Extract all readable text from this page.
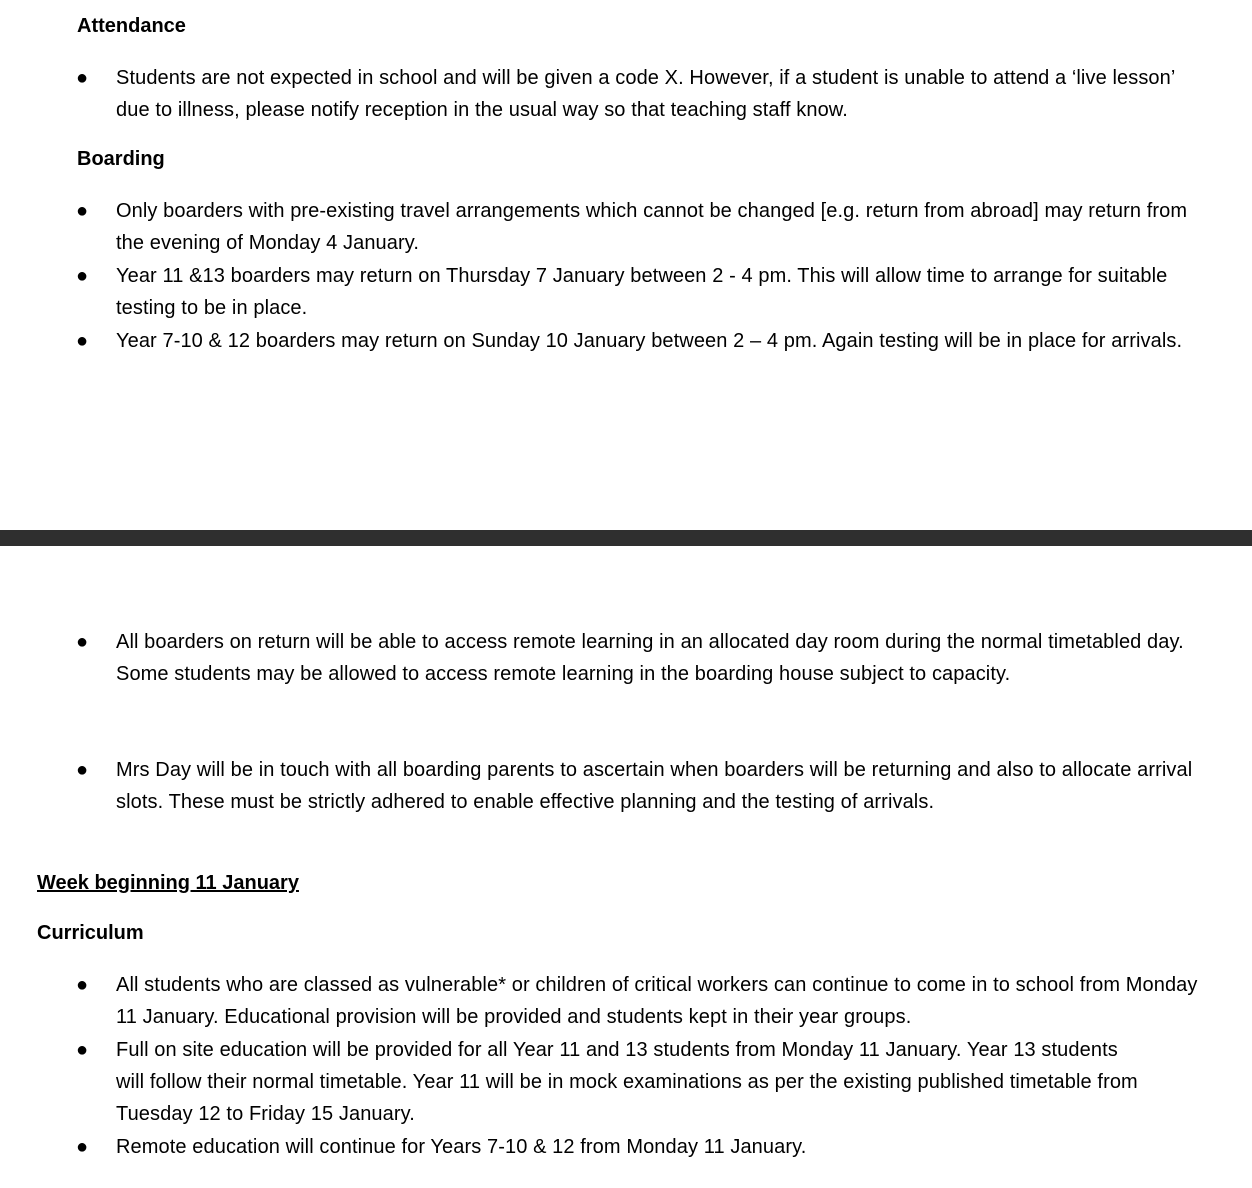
Attendance
● Students are not expected in school and will be given a code X. However, if a student is unable to attend a ‘live lesson’ due to illness, please notify reception in the usual way so that teaching staff know.
Boarding
● Only boarders with pre-existing travel arrangements which cannot be changed [e.g. return from abroad] may return from the evening of Monday 4 January.
● Year 11 &13 boarders may return on Thursday 7 January between 2 - 4 pm. This will allow time to arrange for suitable testing to be in place.
● Year 7-10 & 12 boarders may return on Sunday 10 January between 2 – 4 pm. Again testing will be in place for arrivals.
● All boarders on return will be able to access remote learning in an allocated day room during the normal timetabled day. Some students may be allowed to access remote learning in the boarding house subject to capacity.
● Mrs Day will be in touch with all boarding parents to ascertain when boarders will be returning and also to allocate arrival slots. These must be strictly adhered to enable effective planning and the testing of arrivals.
Week beginning 11 January
Curriculum
● All students who are classed as vulnerable* or children of critical workers can continue to come in to school from Monday 11 January. Educational provision will be provided and students kept in their year groups.
● Full on site education will be provided for all Year 11 and 13 students from Monday 11 January. Year 13 students will follow their normal timetable. Year 11 will be in mock examinations as per the existing published timetable from Tuesday 12 to Friday 15 January.
● Remote education will continue for Years 7-10 & 12 from Monday 11 January.
